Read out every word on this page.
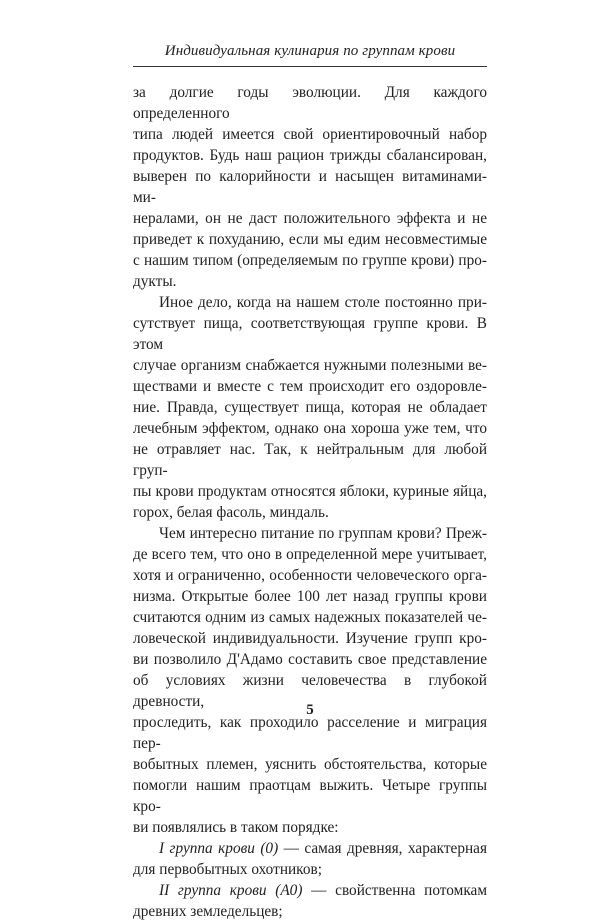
Индивидуальная кулинария по группам крови

за долгие годы эволюции. Для каждого определенного

типа людей имеется свой ориентировочный набор

продуктов. Будь наш рацион трижды сбалансирован,

выверен по калорийности и насыщен витаминами-ми-

нералами, он не даст положительного эффекта и не

приведет к похуданию, если мы едим несовместимые

с нашим типом (определяемым по группе крови) про-

дукты.

Иное дело, когда на нашем столе постоянно при-

сутствует пища, соответствующая группе крови. В этом

случае организм снабжается нужными полезными ве-

ществами и вместе с тем происходит его оздоровле-

ние. Правда, существует пища, которая не обладает

лечебным эффектом, однако она хороша уже тем, что

не отравляет нас. Так, к нейтральным для любой груп-

пы крови продуктам относятся яблоки, куриные яйца,

горох, белая фасоль, миндаль.

Чем интересно питание по группам крови? Преж-

де всего тем, что оно в определенной мере учитывает,

хотя и ограниченно, особенности человеческого орга-

низма. Открытые более 100 лет назад группы крови

считаются одним из самых надежных показателей че-

ловеческой индивидуальности. Изучение групп кро-

ви позволило Д'Адамо составить свое представление

об условиях жизни человечества в глубокой древности,

проследить, как проходило расселение и миграция пер-

вобытных племен, уяснить обстоятельства, которые

помогли нашим праотцам выжить. Четыре группы кро-

ви появлялись в таком порядке:

I группа крови (0) — самая древняя, характерная

для первобытных охотников;

II группа крови (А0) — свойственна потомкам

древних земледельцев;

5
